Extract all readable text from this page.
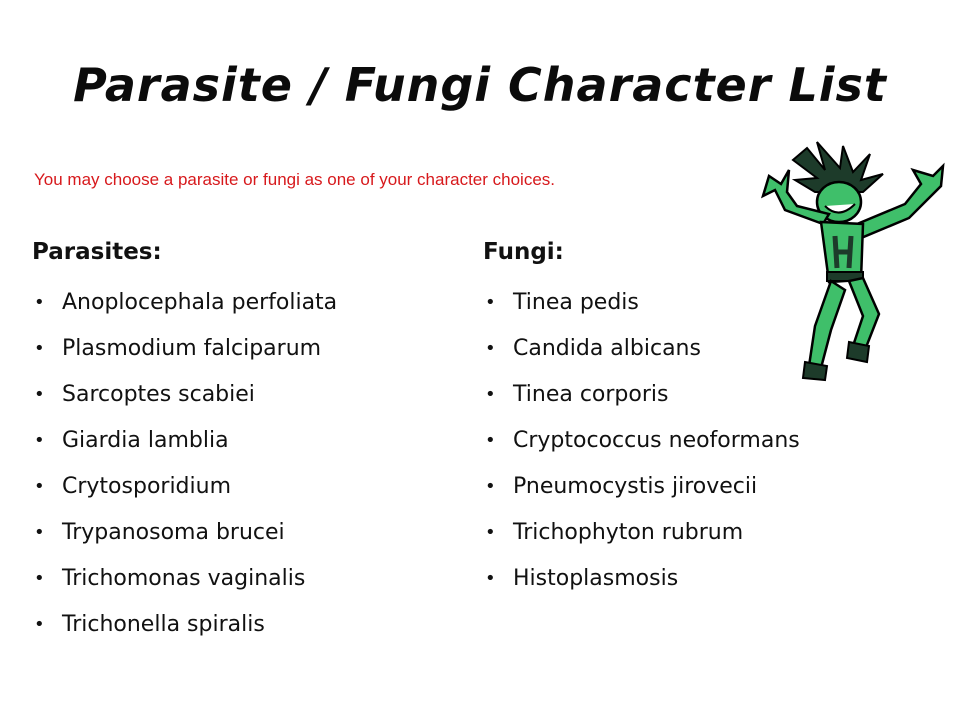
Parasite / Fungi Character List
You may choose a parasite or fungi as one of your character choices.
Parasites:
• Anoplocephala perfoliata
• Plasmodium falciparum
• Sarcoptes scabiei
• Giardia lamblia
• Crytosporidium
• Trypanosoma brucei
• Trichomonas vaginalis
• Trichonella spiralis
Fungi:
• Tinea pedis
• Candida albicans
• Tinea corporis
• Cryptococcus neoformans
• Pneumocystis jirovecii
• Trichophyton rubrum
• Histoplasmosis
